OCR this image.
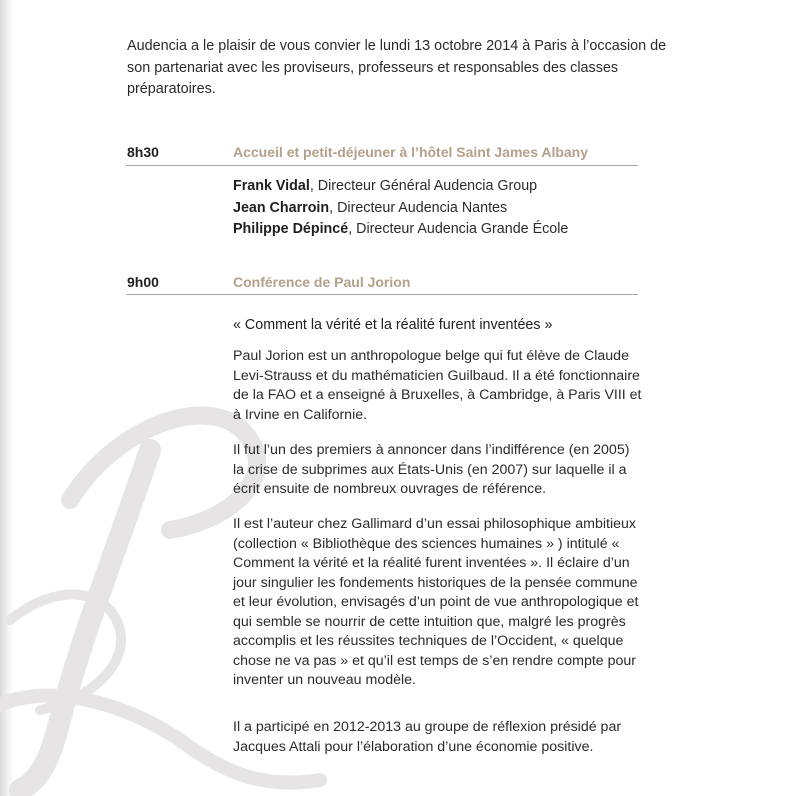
Audencia a le plaisir de vous convier le lundi 13 octobre 2014 à Paris à l’occasion de son partenariat avec les proviseurs, professeurs et responsables des classes préparatoires.

8h30	Accueil et petit-déjeuner à l’hôtel Saint James Albany
Frank Vidal, Directeur Général Audencia Group
Jean Charroin, Directeur Audencia Nantes
Philippe Dépincé, Directeur Audencia Grande École
9h00	Conférence de Paul Jorion

« Comment la vérité et la réalité furent inventées »

Paul Jorion est un anthropologue belge qui fut élève de Claude Levi-Strauss et du mathématicien Guilbaud. Il a été fonctionnaire de la FAO et a enseigné à Bruxelles, à Cambridge, à Paris VIII et à Irvine en Californie.

Il fut l’un des premiers à annoncer dans l’indifférence (en 2005) la crise de subprimes aux États-Unis (en 2007) sur laquelle il a écrit ensuite de nombreux ouvrages de référence.

Il est l’auteur chez Gallimard d’un essai philosophique ambitieux (collection « Bibliothèque des sciences humaines » ) intitulé « Comment la vérité et la réalité furent inventées ». Il éclaire d’un jour singulier les fondements historiques de la pensée commune et leur évolution, envisagés d’un point de vue anthropologique et qui semble se nourrir de cette intuition que, malgré les progrès accomplis et les réussites techniques de l’Occident, « quelque chose ne va pas » et qu’il est temps de s’en rendre compte pour inventer un nouveau modèle.

Il a participé en 2012-2013 au groupe de réflexion présidé par Jacques Attali pour l’élaboration d’une économie positive.
